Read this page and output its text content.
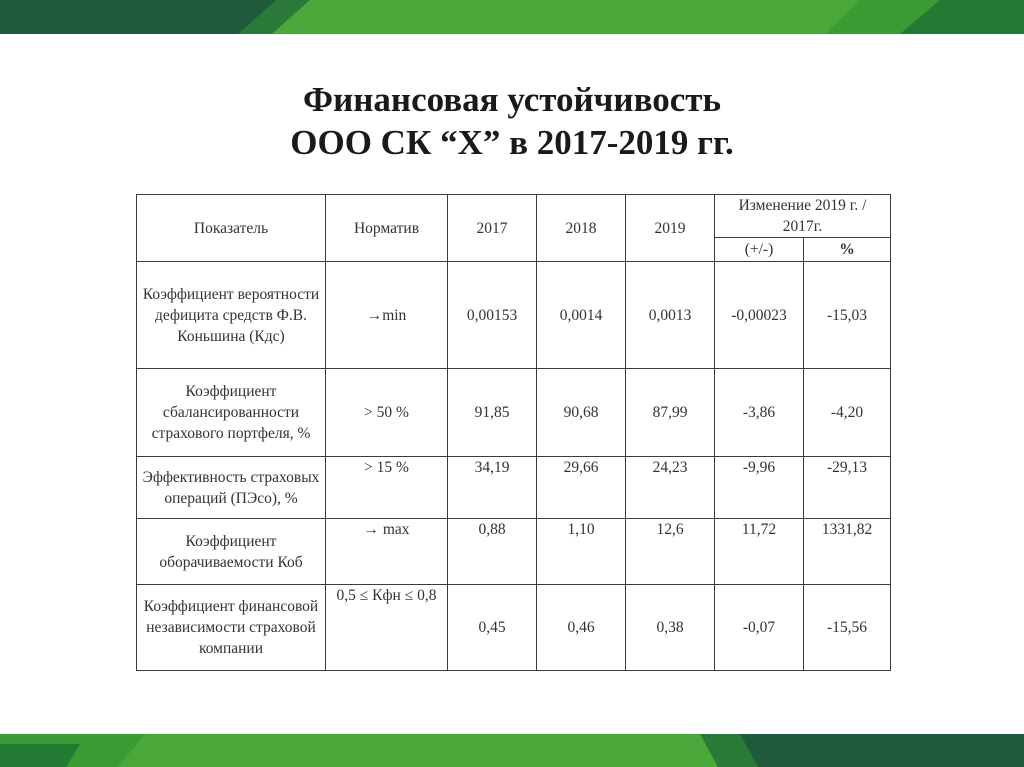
Финансовая устойчивость
ООО СК “Х” в 2017-2019 гг.
Показатель	Норматив	2017	2018	2019	Изменение 2019 г. / 2017г.	
					(+/-)	%
Коэффициент вероятности дефицита средств Ф.В. Коньшина (Кдс)	→min	0,00153	0,0014	0,0013	-0,00023	-15,03
Коэффициент сбалансированности страхового портфеля, %	> 50 %	91,85	90,68	87,99	-3,86	-4,20
Эффективность страховых операций (ПЭсо), %	> 15 %	34,19	29,66	24,23	-9,96	-29,13
Коэффициент оборачиваемости Коб	→ max	0,88	1,10	12,6	11,72	1331,82
Коэффициент финансовой независимости страховой компании	0,5 ≤ Кфн ≤ 0,8	0,45	0,46	0,38	-0,07	-15,56
